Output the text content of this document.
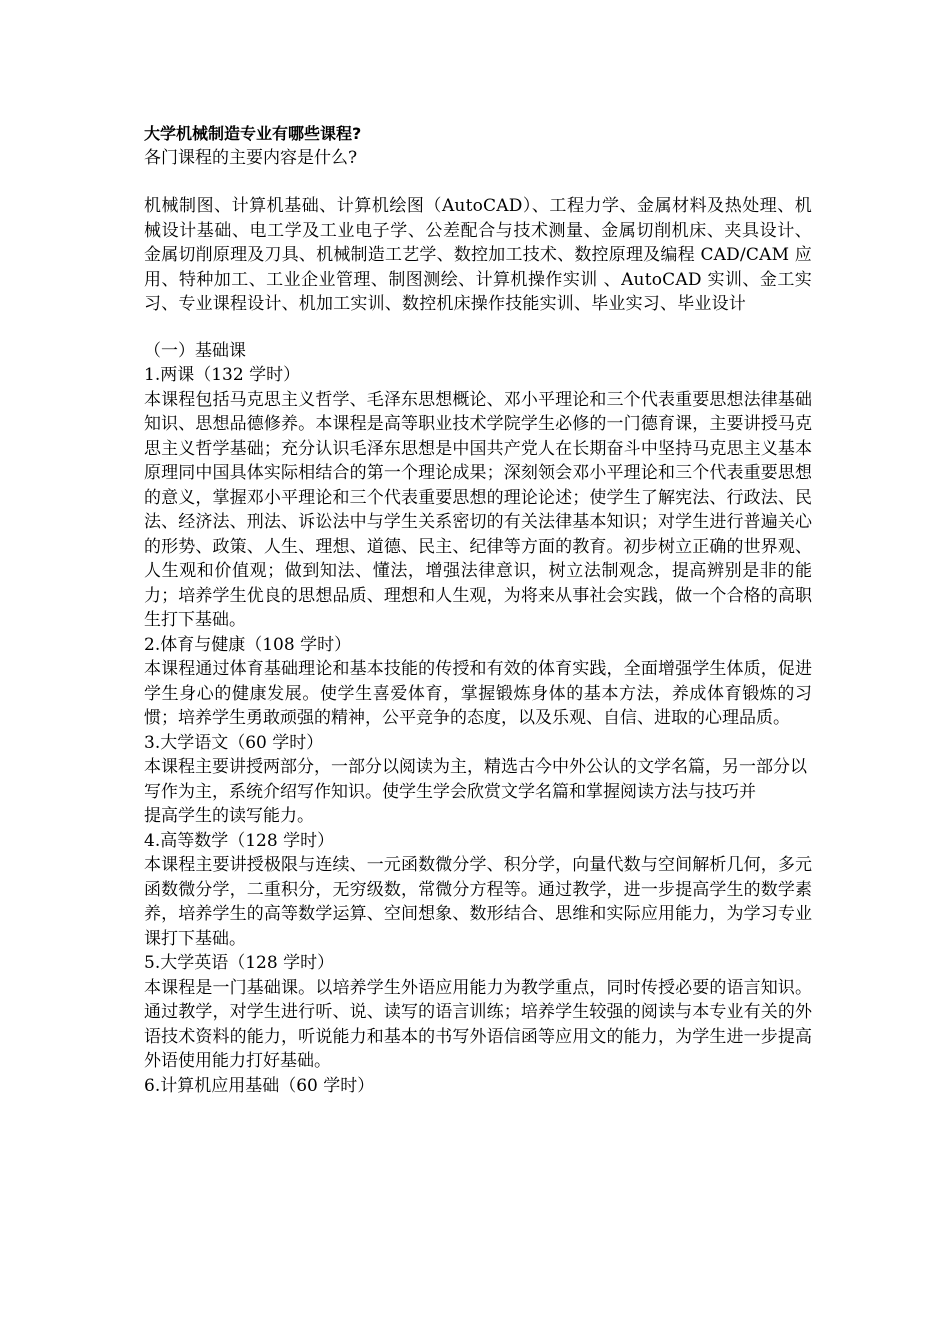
大学机械制造专业有哪些课程?

各门课程的主要内容是什么?

机械制图、计算机基础、计算机绘图（AutoCAD）、工程力学、金属材料及热处理、机械设计基础、电工学及工业电子学、公差配合与技术测量、金属切削机床、夹具设计、金属切削原理及刀具、机械制造工艺学、数控加工技术、数控原理及编程 CAD/CAM 应用、特种加工、工业企业管理、制图测绘、计算机操作实训 、AutoCAD 实训、金工实习、专业课程设计、机加工实训、数控机床操作技能实训、毕业实习、毕业设计

（一）基础课

1.两课（132 学时）

本课程包括马克思主义哲学、毛泽东思想概论、邓小平理论和三个代表重要思想法律基础知识、思想品德修养。本课程是高等职业技术学院学生必修的一门德育课，主要讲授马克思主义哲学基础；充分认识毛泽东思想是中国共产党人在长期奋斗中坚持马克思主义基本原理同中国具体实际相结合的第一个理论成果；深刻领会邓小平理论和三个代表重要思想的意义，掌握邓小平理论和三个代表重要思想的理论论述；使学生了解宪法、行政法、民法、经济法、刑法、诉讼法中与学生关系密切的有关法律基本知识；对学生进行普遍关心的形势、政策、人生、理想、道德、民主、纪律等方面的教育。初步树立正确的世界观、人生观和价值观；做到知法、懂法，增强法律意识，树立法制观念，提高辨别是非的能力；培养学生优良的思想品质、理想和人生观，为将来从事社会实践，做一个合格的高职生打下基础。

2.体育与健康（108 学时）

本课程通过体育基础理论和基本技能的传授和有效的体育实践，全面增强学生体质，促进学生身心的健康发展。使学生喜爱体育，掌握锻炼身体的基本方法，养成体育锻炼的习惯；培养学生勇敢顽强的精神，公平竞争的态度，以及乐观、自信、进取的心理品质。

3.大学语文（60 学时）

本课程主要讲授两部分，一部分以阅读为主，精选古今中外公认的文学名篇，另一部分以

写作为主，系统介绍写作知识。使学生学会欣赏文学名篇和掌握阅读方法与技巧并

提高学生的读写能力。

4.高等数学（128 学时）

本课程主要讲授极限与连续、一元函数微分学、积分学，向量代数与空间解析几何，多元函数微分学，二重积分，无穷级数，常微分方程等。通过教学，进一步提高学生的数学素养，培养学生的高等数学运算、空间想象、数形结合、思维和实际应用能力，为学习专业课打下基础。

5.大学英语（128 学时）

本课程是一门基础课。以培养学生外语应用能力为教学重点，同时传授必要的语言知识。通过教学，对学生进行听、说、读写的语言训练；培养学生较强的阅读与本专业有关的外语技术资料的能力，听说能力和基本的书写外语信函等应用文的能力，为学生进一步提高外语使用能力打好基础。

6.计算机应用基础（60 学时）
